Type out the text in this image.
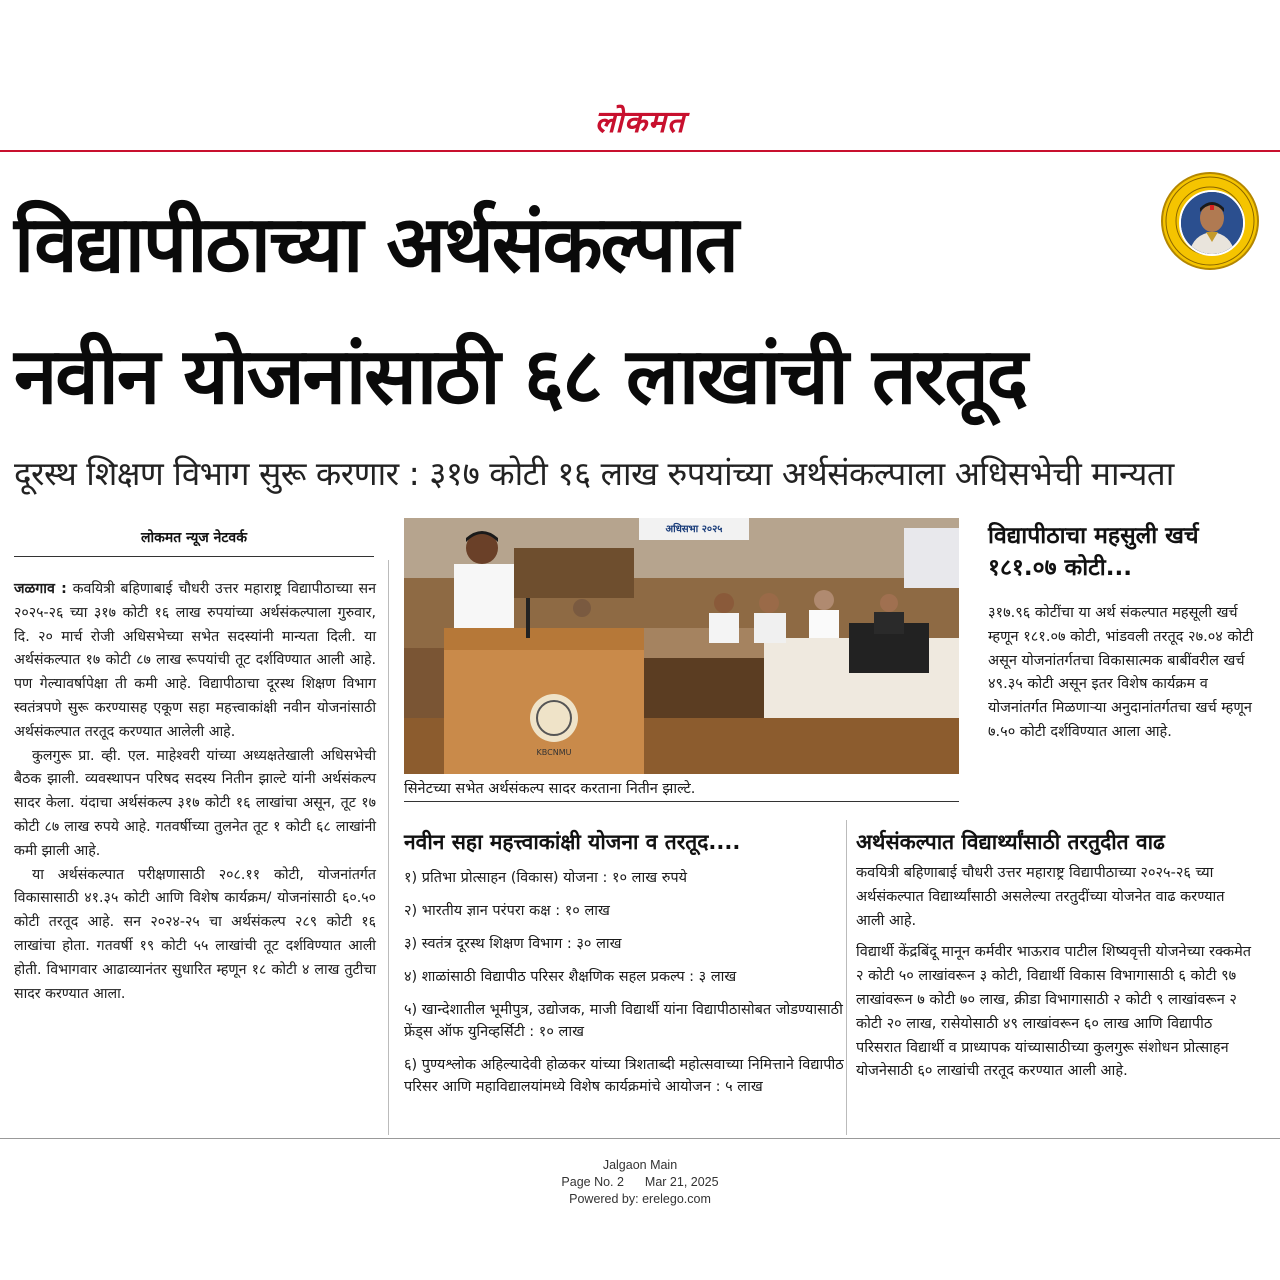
लोकमत
विद्यापीठाच्या अर्थसंकल्पात
नवीन योजनांसाठी ६८ लाखांची तरतूद
दूरस्थ शिक्षण विभाग सुरू करणार : ३१७ कोटी १६ लाख रुपयांच्या अर्थसंकल्पाला अधिसभेची मान्यता
लोकमत न्यूज नेटवर्क

जळगाव : कवयित्री बहिणाबाई चौधरी उत्तर महाराष्ट्र विद्यापीठाच्या सन २०२५-२६ च्या ३१७ कोटी १६ लाख रुपयांच्या अर्थसंकल्पाला गुरुवार, दि. २० मार्च रोजी अधिसभेच्या सभेत सदस्यांनी मान्यता दिली. या अर्थसंकल्पात १७ कोटी ८७ लाख रूपयांची तूट दर्शविण्यात आली आहे. पण गेल्यावर्षापेक्षा ती कमी आहे. विद्यापीठाचा दूरस्थ शिक्षण विभाग स्वतंत्रपणे सुरू करण्यासह एकूण सहा महत्त्वाकांक्षी नवीन योजनांसाठी अर्थसंकल्पात तरतूद करण्यात आलेली आहे.

कुलगुरू प्रा. व्ही. एल. माहेश्वरी यांच्या अध्यक्षतेखाली अधिसभेची बैठक झाली. व्यवस्थापन परिषद सदस्य नितीन झाल्टे यांनी अर्थसंकल्प सादर केला. यंदाचा अर्थसंकल्प ३१७ कोटी १६ लाखांचा असून, तूट १७ कोटी ८७ लाख रुपये आहे. गतवर्षीच्या तुलनेत तूट १ कोटी ६८ लाखांनी कमी झाली आहे.

या अर्थसंकल्पात परीक्षणासाठी २०८.११ कोटी, योजनांतर्गत विकासासाठी ४१.३५ कोटी आणि विशेष कार्यक्रम/ योजनांसाठी ६०.५० कोटी तरतूद आहे. सन २०२४-२५ चा अर्थसंकल्प २८९ कोटी १६ लाखांचा होता. गतवर्षी १९ कोटी ५५ लाखांची तूट दर्शविण्यात आली होती. विभागवार आढाव्यानंतर सुधारित म्हणून १८ कोटी ४ लाख तुटीचा सादर करण्यात आला.

अधिसभा २०२५
KBCNMU
सिनेटच्या सभेत अर्थसंकल्प सादर करताना नितीन झाल्टे.
विद्यापीठाचा महसुली खर्च १८१.०७ कोटी...
३१७.९६ कोटींचा या अर्थ संकल्पात महसूली खर्च म्हणून १८१.०७ कोटी, भांडवली तरतूद २७.०४ कोटी असून योजनांतर्गतचा विकासात्मक बाबींवरील खर्च ४९.३५ कोटी असून इतर विशेष कार्यक्रम व योजनांतर्गत मिळणाऱ्या अनुदानांतर्गतचा खर्च म्हणून ७.५० कोटी दर्शविण्यात आला आहे.
नवीन सहा महत्त्वाकांक्षी योजना व तरतूद....

१) प्रतिभा प्रोत्साहन (विकास) योजना : १० लाख रुपये

२) भारतीय ज्ञान परंपरा कक्ष : १० लाख

३) स्वतंत्र दूरस्थ शिक्षण विभाग : ३० लाख

४) शाळांसाठी विद्यापीठ परिसर शैक्षणिक सहल प्रकल्प : ३ लाख

५) खान्देशातील भूमीपुत्र, उद्योजक, माजी विद्यार्थी यांना विद्यापीठासोबत जोडण्यासाठी फ्रेंड्स ऑफ युनिव्हर्सिटी : १० लाख

६) पुण्यश्लोक अहिल्यादेवी होळकर यांच्या त्रिशताब्दी महोत्सवाच्या निमित्ताने विद्यापीठ परिसर आणि महाविद्यालयांमध्ये विशेष कार्यक्रमांचे आयोजन : ५ लाख

अर्थसंकल्पात विद्यार्थ्यांसाठी तरतुदीत वाढ

कवयित्री बहिणाबाई चौधरी उत्तर महाराष्ट्र विद्यापीठाच्या २०२५-२६ च्या अर्थसंकल्पात विद्यार्थ्यांसाठी असलेल्या तरतुदींच्या योजनेत वाढ करण्यात आली आहे.

विद्यार्थी केंद्रबिंदू मानून कर्मवीर भाऊराव पाटील शिष्यवृत्ती योजनेच्या रक्कमेत २ कोटी ५० लाखांवरून ३ कोटी, विद्यार्थी विकास विभागासाठी ६ कोटी ९७ लाखांवरून ७ कोटी ७० लाख, क्रीडा विभागासाठी २ कोटी ९ लाखांवरून २ कोटी २० लाख, रासेयोसाठी ४९ लाखांवरून ६० लाख आणि विद्यापीठ परिसरात विद्यार्थी व प्राध्यापक यांच्यासाठीच्या कुलगुरू संशोधन प्रोत्साहन योजनेसाठी ६० लाखांची तरतूद करण्यात आली आहे.

Jalgaon Main
Page No. 2 Mar 21, 2025
Powered by: erelego.com
